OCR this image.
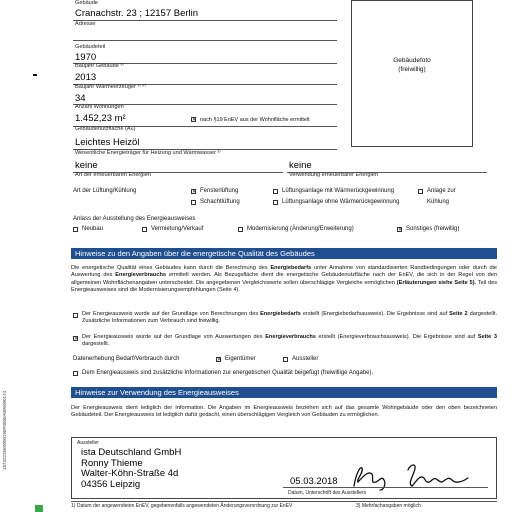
Gebäude
Cranachstr. 23 ; 12157 Berlin
Adresse
Gebäudeteil
1970
Baujahr Gebäude ³⁾
2013
Baujahr Wärmeerzeuger ³⁾ ⁴⁾
34
Anzahl Wohnungen
1.452,23 m²	✕ nach §19 EnEV aus der Wohnfläche ermittelt
Gebäudenutzfläche (AN)
Leichtes Heizöl
Wesentliche Energieträger für Heizung und Warmwasser ³⁾
keine	keine
Art der erneuerbaren Energien	Verwendung erneuerbarer Energien
Gebäudefoto
(freiwillig)
18732226E0000198P0000A000000174
Art der Lüftung/Kühlung	✕ Fensterlüftung	Lüftungsanlage mit Wärmerückgewinnung	Anlage zur
Schachtlüftung	Lüftungsanlage ohne Wärmerückgewinnung	Kühlung
Anlass der Ausstellung des Energieausweises
Neubau	Vermietung/Verkauf	Modernisierung (Änderung/Erweiterung)	✕ Sonstiges (freiwillig)
Hinweise zu den Angaben über die energetische Qualität des Gebäudes
Die energetische Qualität eines Gebäudes kann durch die Berechnung des Energiebedarfs unter Annahme von standardisierten Randbedingungen oder durch die Auswertung des Energieverbrauchs ermittelt werden. Als Bezugsfläche dient die energetische Gebäudenutzfläche nach der EnEV, die sich in der Regel von den allgemeinen Wohnflächenangaben unterscheidet. Die angegebenen Vergleichswerte sollen überschlägige Vergleiche ermöglichen (Erläuterungen siehe Seite 5). Teil des Energieausweises sind die Modernisierungsempfehlungen (Seite 4).
Der Energieausweis wurde auf der Grundlage von Berechnungen des Energiebedarfs erstellt (Energiebedarfsausweis). Die Ergebnisse sind auf Seite 2 dargestellt. Zusätzliche Informationen zum Verbrauch sind freiwillig.
✕ Der Energieausweis wurde auf der Grundlage von Auswertungen des Energieverbrauchs erstellt (Energieverbrauchsausweis). Die Ergebnisse sind auf Seite 3 dargestellt.
Datenerhebung Bedarf/Verbrauch durch	✕ Eigentümer	Aussteller
Dem Energieausweis sind zusätzliche Informationen zur energetischen Qualität beigefügt (freiwillige Angabe).
Hinweise zur Verwendung des Energieausweises
Der Energieausweis dient lediglich der Information. Die Angaben im Energieausweis beziehen sich auf das gesamte Wohngebäude oder den oben bezeichneten Gebäudeteil. Der Energieausweis ist lediglich dafür gedacht, einen überschlägigen Vergleich von Gebäuden zu ermöglichen.
Aussteller
ista Deutschland GmbH
Ronny Thieme
Walter-Köhn-Straße 4d
04356 Leipzig	05.03.2018
Datum, Unterschrift des Ausstellers
1) Datum der angewendeten EnEV, gegebenenfalls angewendeten Änderungsverordnung zur EnEV	3) Mehrfachangaben möglich
